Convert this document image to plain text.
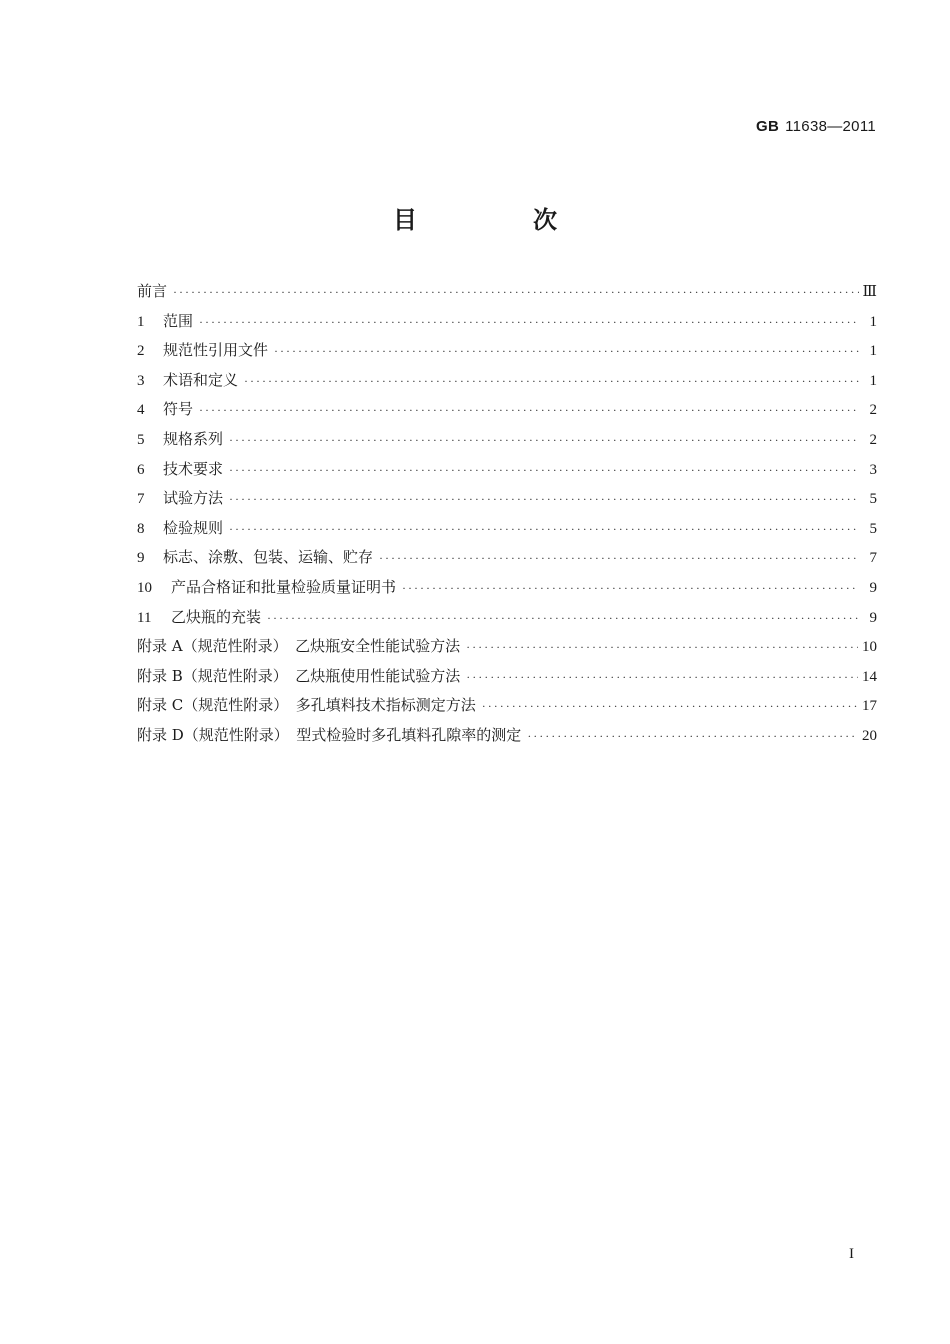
GB 11638—2011
目　次
前言 ·····	Ⅲ
1	范围 ·····	1
2	规范性引用文件 ·····	1
3	术语和定义 ·····	1
4	符号 ·····	2
5	规格系列 ·····	2
6	技术要求 ·····	3
7	试验方法 ·····	5
8	检验规则 ·····	5
9	标志、涂敷、包装、运输、贮存 ·····	7
10	产品合格证和批量检验质量证明书 ·····	9
11	乙炔瓶的充装 ·····	9
附录 A（规范性附录）　乙炔瓶安全性能试验方法 ·····	10
附录 B（规范性附录）　乙炔瓶使用性能试验方法 ·····	14
附录 C（规范性附录）　多孔填料技术指标测定方法 ·····	17
附录 D（规范性附录）　型式检验时多孔填料孔隙率的测定 ·····	20
I
